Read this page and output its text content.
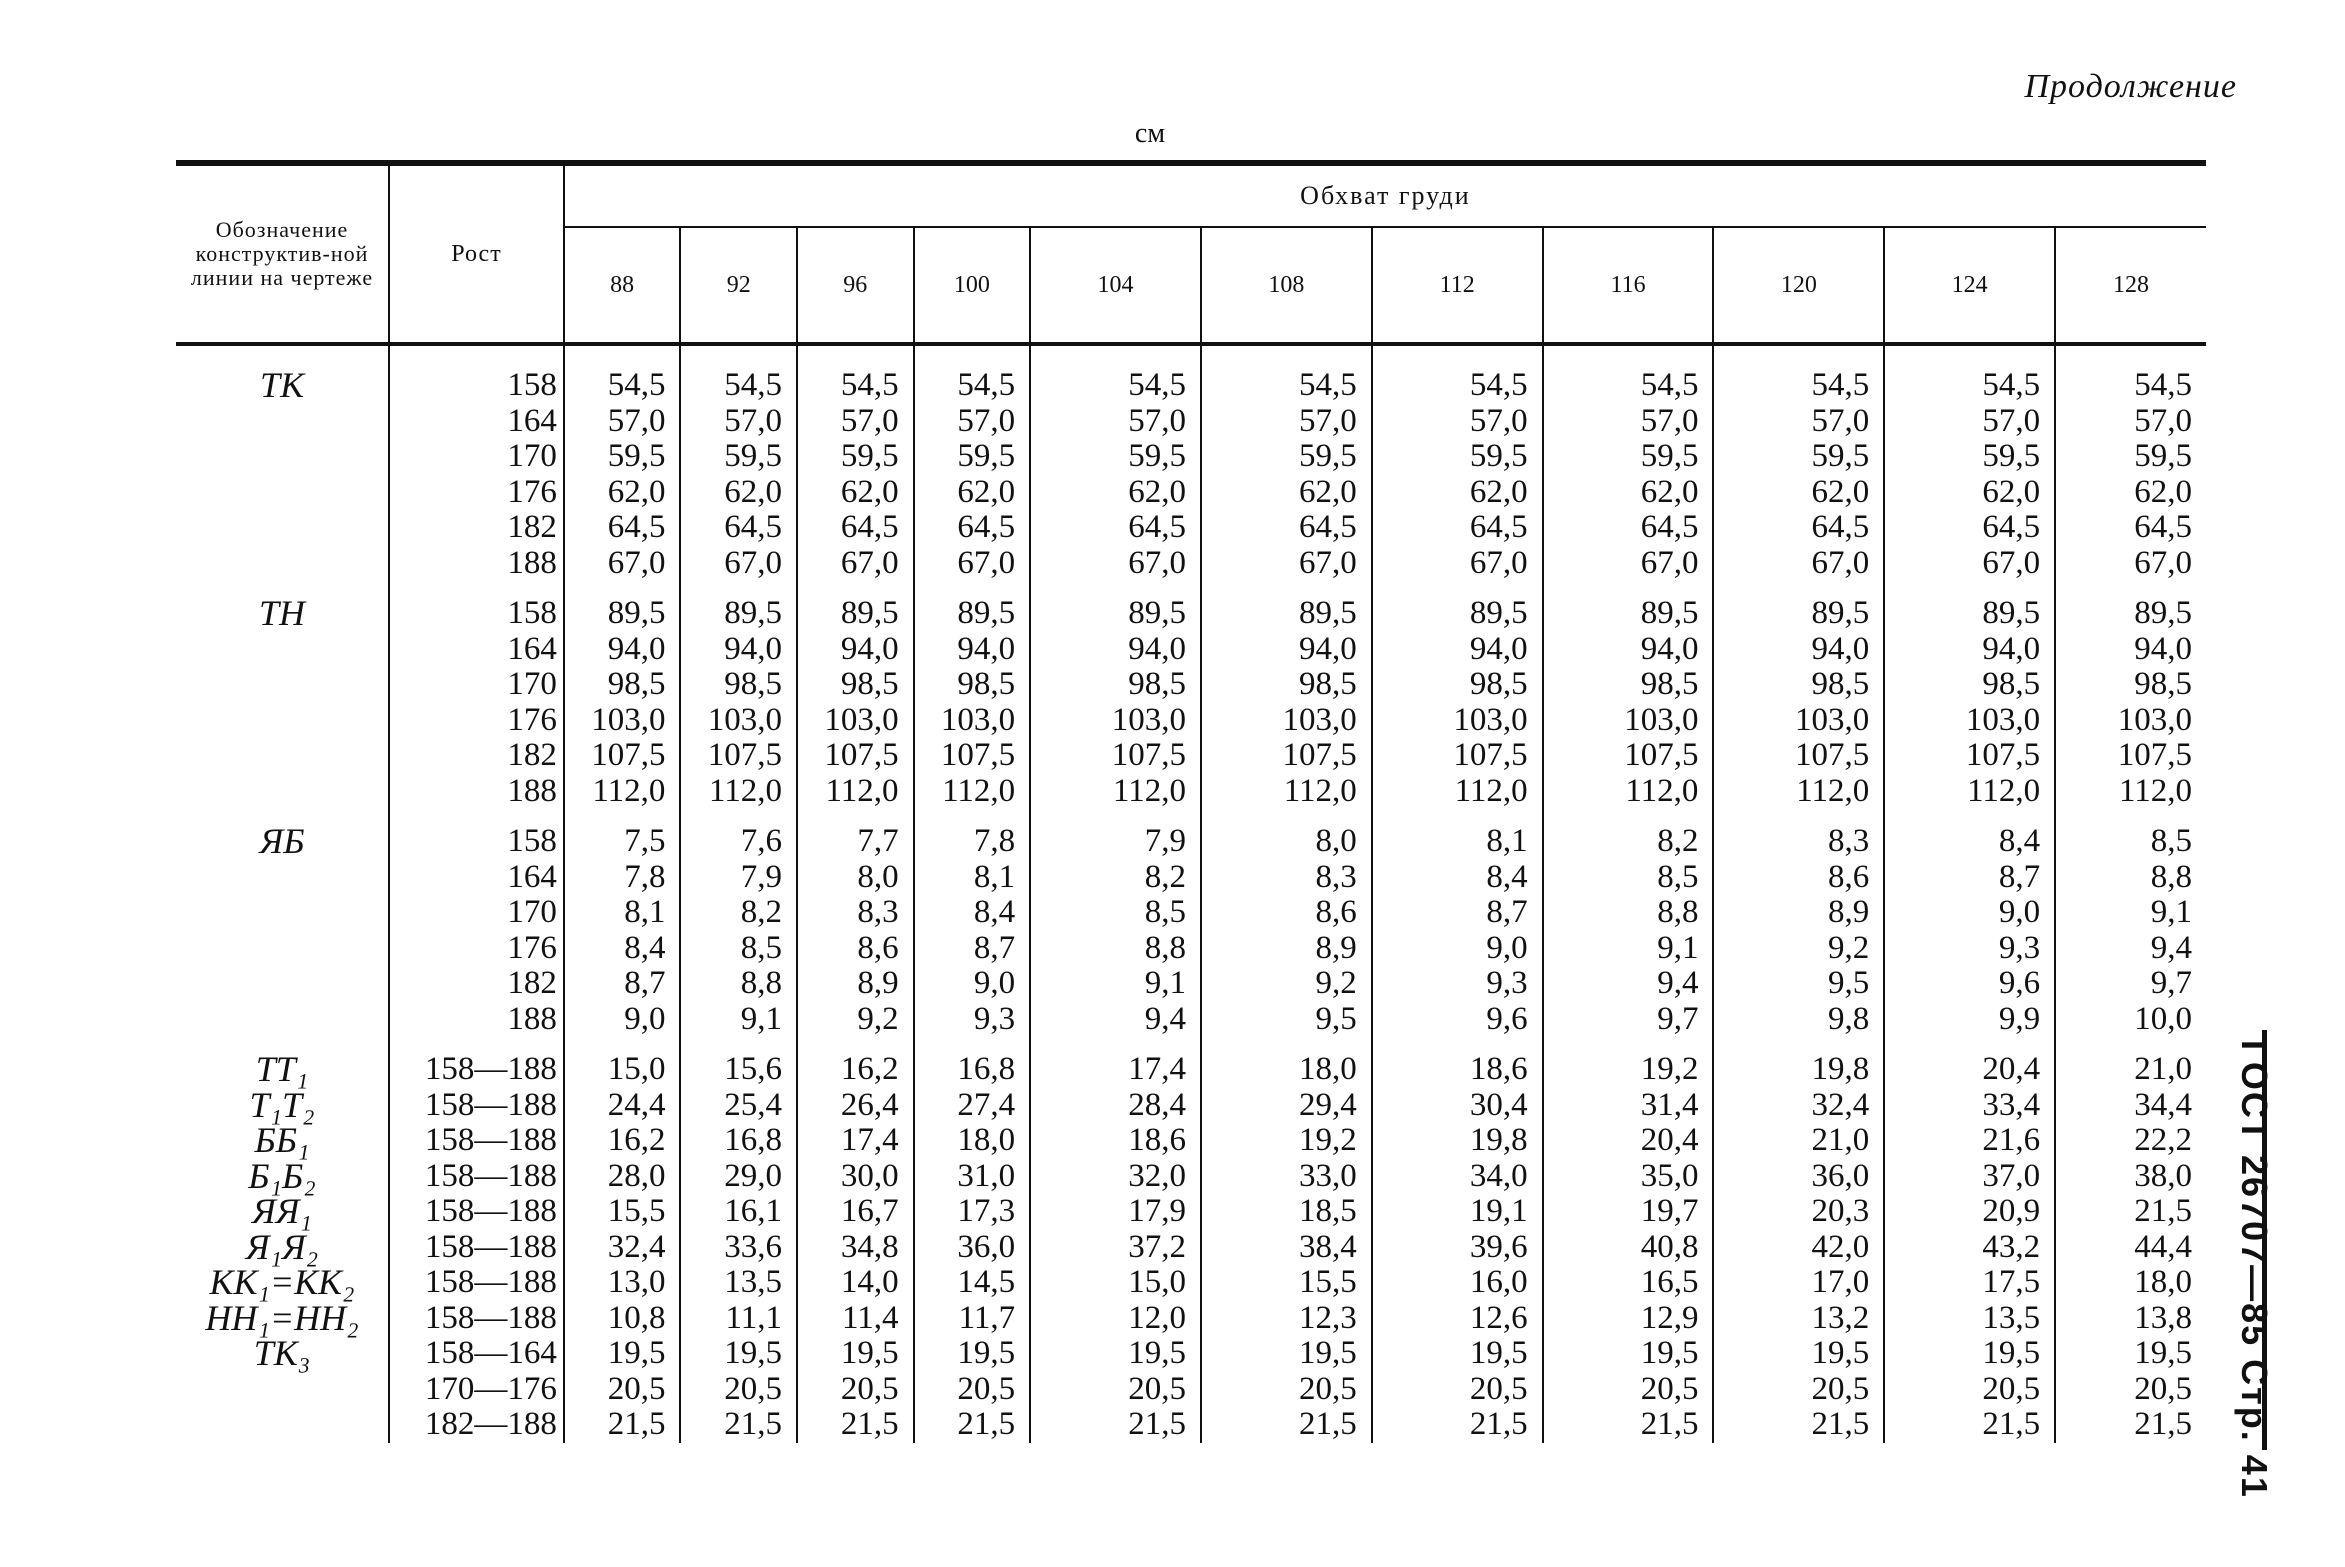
Продолжение
см
Обозначение конструктив-ной линии на чертеже	Рост	Обхват груди										
		88	92	96	100	104	108	112	116	120	124	128
ТК	158	54,5	54,5	54,5	54,5	54,5	54,5	54,5	54,5	54,5	54,5	54,5
	164	57,0	57,0	57,0	57,0	57,0	57,0	57,0	57,0	57,0	57,0	57,0
	170	59,5	59,5	59,5	59,5	59,5	59,5	59,5	59,5	59,5	59,5	59,5
	176	62,0	62,0	62,0	62,0	62,0	62,0	62,0	62,0	62,0	62,0	62,0
	182	64,5	64,5	64,5	64,5	64,5	64,5	64,5	64,5	64,5	64,5	64,5
	188	67,0	67,0	67,0	67,0	67,0	67,0	67,0	67,0	67,0	67,0	67,0
ТН	158	89,5	89,5	89,5	89,5	89,5	89,5	89,5	89,5	89,5	89,5	89,5
	164	94,0	94,0	94,0	94,0	94,0	94,0	94,0	94,0	94,0	94,0	94,0
	170	98,5	98,5	98,5	98,5	98,5	98,5	98,5	98,5	98,5	98,5	98,5
	176	103,0	103,0	103,0	103,0	103,0	103,0	103,0	103,0	103,0	103,0	103,0
	182	107,5	107,5	107,5	107,5	107,5	107,5	107,5	107,5	107,5	107,5	107,5
	188	112,0	112,0	112,0	112,0	112,0	112,0	112,0	112,0	112,0	112,0	112,0
ЯБ	158	7,5	7,6	7,7	7,8	7,9	8,0	8,1	8,2	8,3	8,4	8,5
	164	7,8	7,9	8,0	8,1	8,2	8,3	8,4	8,5	8,6	8,7	8,8
	170	8,1	8,2	8,3	8,4	8,5	8,6	8,7	8,8	8,9	9,0	9,1
	176	8,4	8,5	8,6	8,7	8,8	8,9	9,0	9,1	9,2	9,3	9,4
	182	8,7	8,8	8,9	9,0	9,1	9,2	9,3	9,4	9,5	9,6	9,7
	188	9,0	9,1	9,2	9,3	9,4	9,5	9,6	9,7	9,8	9,9	10,0
ТТ₁	158—188	15,0	15,6	16,2	16,8	17,4	18,0	18,6	19,2	19,8	20,4	21,0
Т₁Т₂	158—188	24,4	25,4	26,4	27,4	28,4	29,4	30,4	31,4	32,4	33,4	34,4
ББ₁	158—188	16,2	16,8	17,4	18,0	18,6	19,2	19,8	20,4	21,0	21,6	22,2
Б₁Б₂	158—188	28,0	29,0	30,0	31,0	32,0	33,0	34,0	35,0	36,0	37,0	38,0
ЯЯ₁	158—188	15,5	16,1	16,7	17,3	17,9	18,5	19,1	19,7	20,3	20,9	21,5
Я₁Я₂	158—188	32,4	33,6	34,8	36,0	37,2	38,4	39,6	40,8	42,0	43,2	44,4
КК₁=КК₂	158—188	13,0	13,5	14,0	14,5	15,0	15,5	16,0	16,5	17,0	17,5	18,0
НН₁=НН₂	158—188	10,8	11,1	11,4	11,7	12,0	12,3	12,6	12,9	13,2	13,5	13,8
ТК₃	158—164	19,5	19,5	19,5	19,5	19,5	19,5	19,5	19,5	19,5	19,5	19,5
	170—176	20,5	20,5	20,5	20,5	20,5	20,5	20,5	20,5	20,5	20,5	20,5
	182—188	21,5	21,5	21,5	21,5	21,5	21,5	21,5	21,5	21,5	21,5	21,5 ГОСТ 26707—85 Стр. 41
